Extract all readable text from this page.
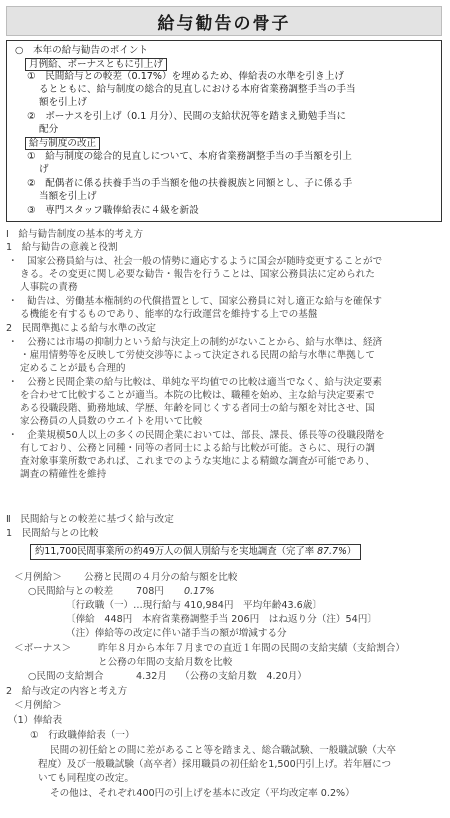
給与勧告の骨子
○　本年の給与勧告のポイント
月例給、ボーナスともに引上げ
①　民間給与との較差（0.17%）を埋めるため、俸給表の水準を引き上げ
るとともに、給与制度の総合的見直しにおける本府省業務調整手当の手当
額を引上げ
②　ボーナスを引上げ（0.1 月分）、民間の支給状況等を踏まえ勤勉手当に
配分
給与制度の改正
①　給与制度の総合的見直しについて、本府省業務調整手当の手当額を引上
げ
②　配偶者に係る扶養手当の手当額を他の扶養親族と同額とし、子に係る手
当額を引上げ
③　専門スタッフ職俸給表に４級を新設
Ⅰ　給与勧告制度の基本的考え方
1　給与勧告の意義と役割
・　国家公務員給与は、社会一般の情勢に適応するように国会が随時変更することがで
きる。その変更に関し必要な勧告・報告を行うことは、国家公務員法に定められた
人事院の責務
・　勧告は、労働基本権制約の代償措置として、国家公務員に対し適正な給与を確保す
る機能を有するものであり、能率的な行政運営を維持する上での基盤
2　民間準拠による給与水準の改定
・　公務には市場の抑制力という給与決定上の制約がないことから、給与水準は、経済
・雇用情勢等を反映して労使交渉等によって決定される民間の給与水準に準拠して
定めることが最も合理的
・　公務と民間企業の給与比較は、単純な平均値での比較は適当でなく、給与決定要素
を合わせて比較することが適当。本院の比較は、職種を始め、主な給与決定要素で
ある役職段階、勤務地域、学歴、年齢を同じくする者同士の給与額を対比させ、国
家公務員の人員数のウエイトを用いて比較
・　企業規模50人以上の多くの民間企業においては、部長、課長、係長等の役職段階を
有しており、公務と同種・同等の者同士による給与比較が可能。さらに、現行の調
査対象事業所数であれば、これまでのような実地による精緻な調査が可能であり、
調査の精確性を維持
Ⅱ　民間給与との較差に基づく給与改定
1　民間給与との比較
約11,700民間事業所の約49万人の個人別給与を実地調査（完了率 87.7%）
＜月例給＞ 公務と民間の４月分の給与額を比較
○民間給与との較差 708円 0.17%
〔行政職（一）…現行給与 410,984円　平均年齢43.6歳〕
〔俸給　448円　本府省業務調整手当 206円　はね返り分（注）54円〕
（注）俸給等の改定に伴い諸手当の額が増減する分
＜ボーナス＞	昨年８月から本年７月までの直近１年間の民間の支給実績（支給割合）
と公務の年間の支給月数を比較
○民間の支給割合	4.32月 （公務の支給月数　4.20月）
2　給与改定の内容と考え方
＜月例給＞
（1）俸給表
①　行政職俸給表（一）
民間の初任給との間に差があること等を踏まえ、総合職試験、一般職試験（大卒
程度）及び一般職試験（高卒者）採用職員の初任給を1,500円引上げ。若年層につ
いても同程度の改定。
その他は、それぞれ400円の引上げを基本に改定（平均改定率 0.2%）
